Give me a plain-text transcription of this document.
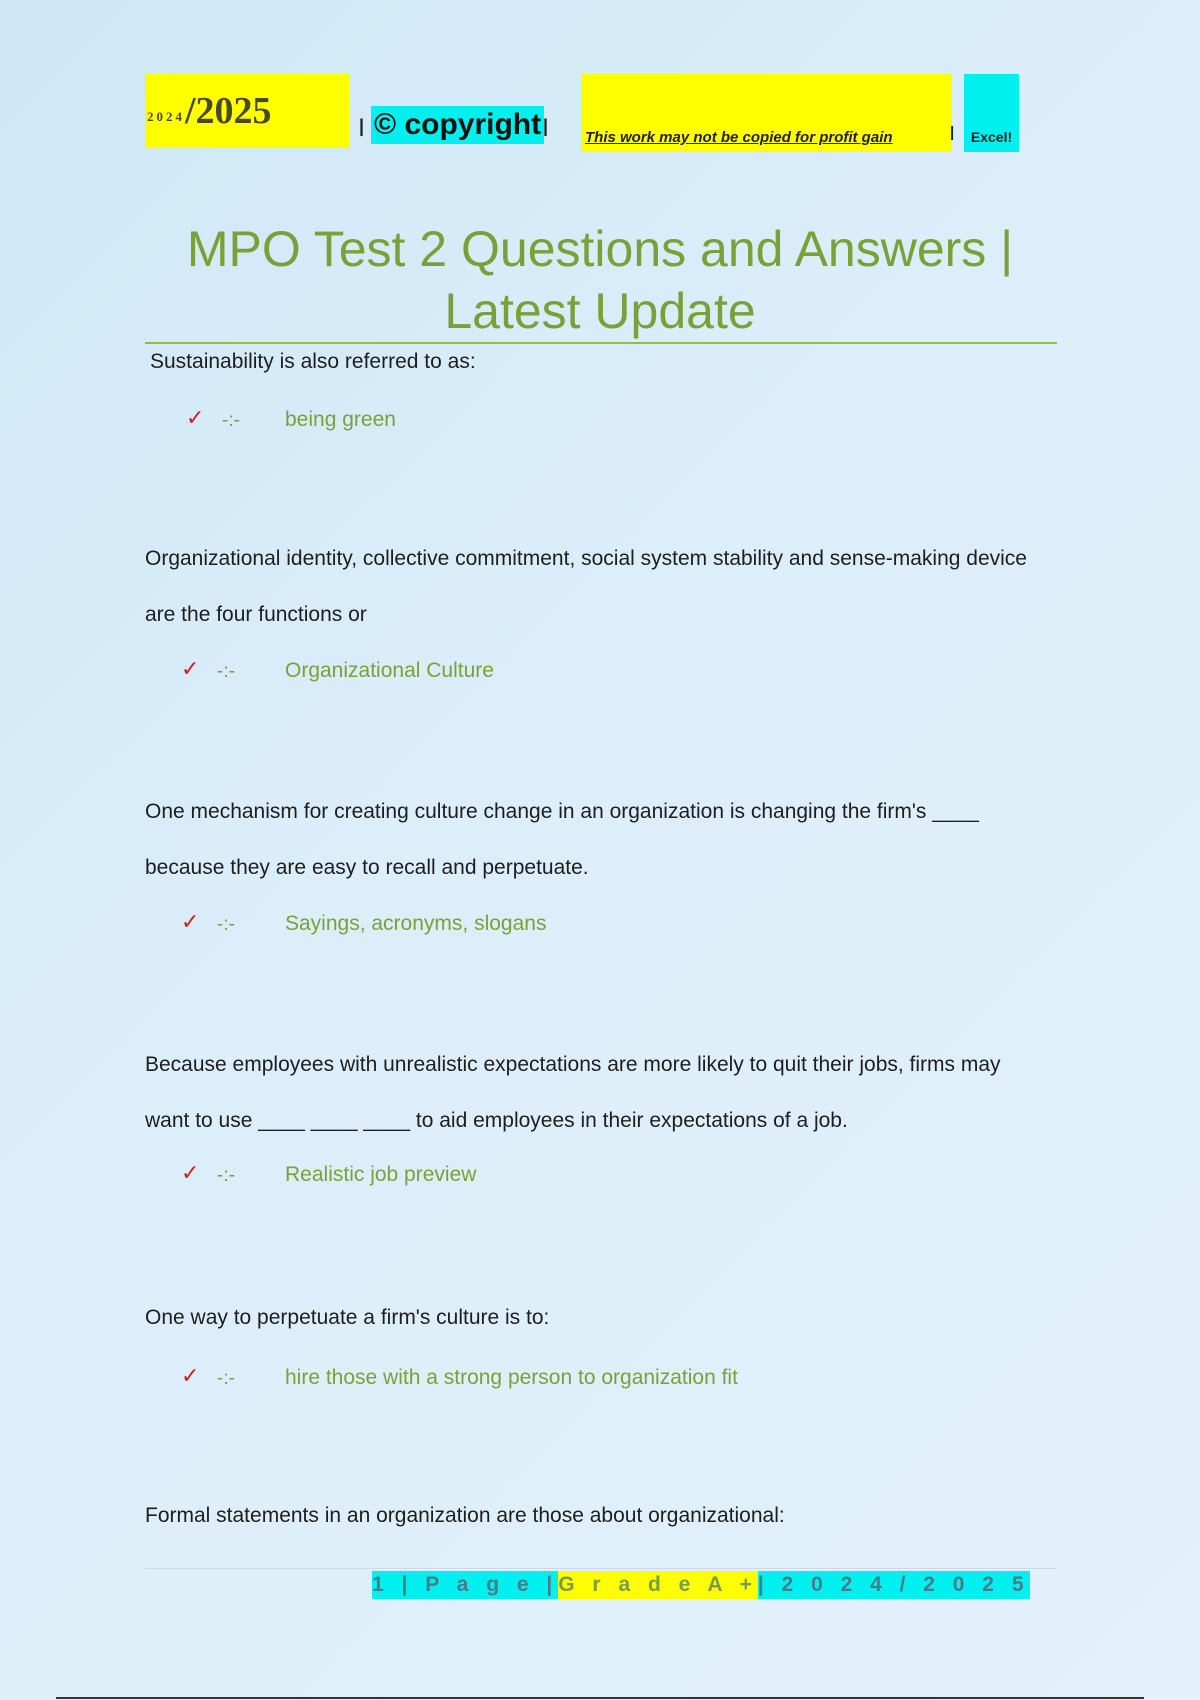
2024 /2025	| © copyright |
This work may not be copied for profit gain	|	Excel!
MPO Test 2 Questions and Answers |
Latest Update

Sustainability is also referred to as:

✓ -:- being green

Organizational identity, collective commitment, social system stability and sense-making device are the four functions or

✓ -:- Organizational Culture

One mechanism for creating culture change in an organization is changing the firm's ____ because they are easy to recall and perpetuate.

✓ -:- Sayings, acronyms, slogans

Because employees with unrealistic expectations are more likely to quit their jobs, firms may want to use ____ ____ ____ to aid employees in their expectations of a job.

✓ -:- Realistic job preview

One way to perpetuate a firm's culture is to:

✓ -:- hire those with a strong person to organization fit

Formal statements in an organization are those about organizational:

1 | P a g e | G r a d e A + | 2 0 2 4 / 2 0 2 5
